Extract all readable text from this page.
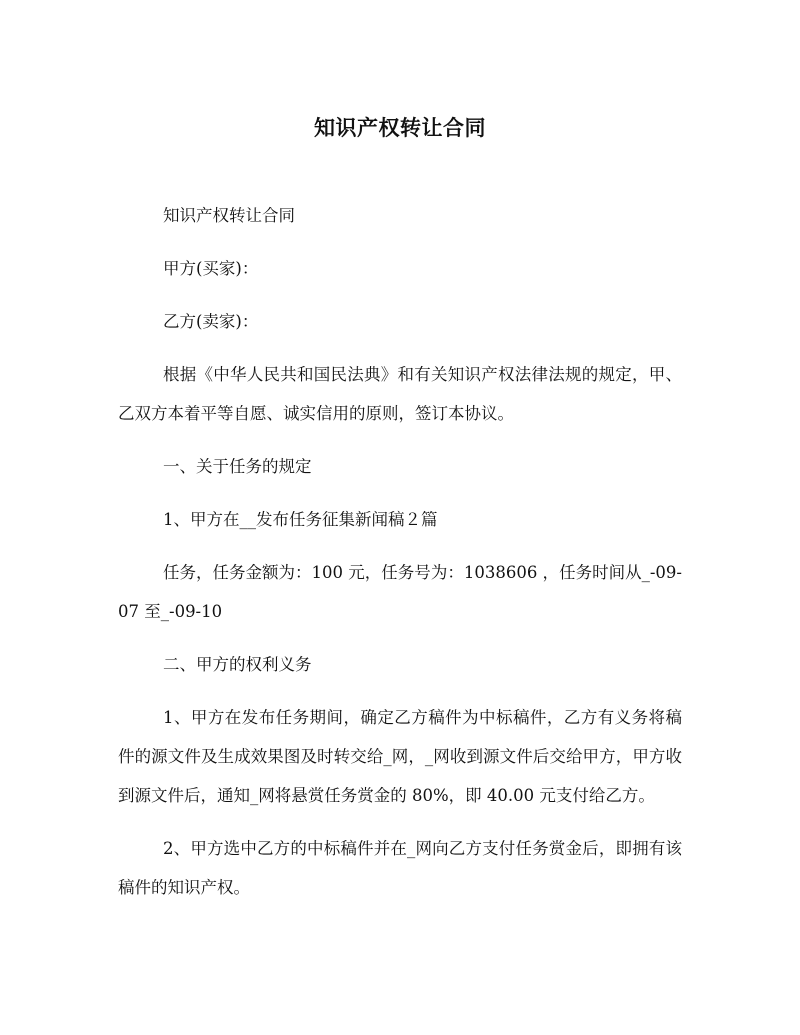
知识产权转让合同

知识产权转让合同

甲方(买家)：

乙方(卖家)：

根据《中华人民共和国民法典》和有关知识产权法律法规的规定，甲、乙双方本着平等自愿、诚实信用的原则，签订本协议。

一、关于任务的规定

1、甲方在__发布任务征集新闻稿２篇

任务，任务金额为：100 元，任务号为：1038606 ，任务时间从_-09-07 至_-09-10

二、甲方的权利义务

1、甲方在发布任务期间，确定乙方稿件为中标稿件，乙方有义务将稿件的源文件及生成效果图及时转交给_网，_网收到源文件后交给甲方，甲方收到源文件后，通知_网将悬赏任务赏金的 80%，即 40.00 元支付给乙方。

2、甲方选中乙方的中标稿件并在_网向乙方支付任务赏金后，即拥有该稿件的知识产权。
